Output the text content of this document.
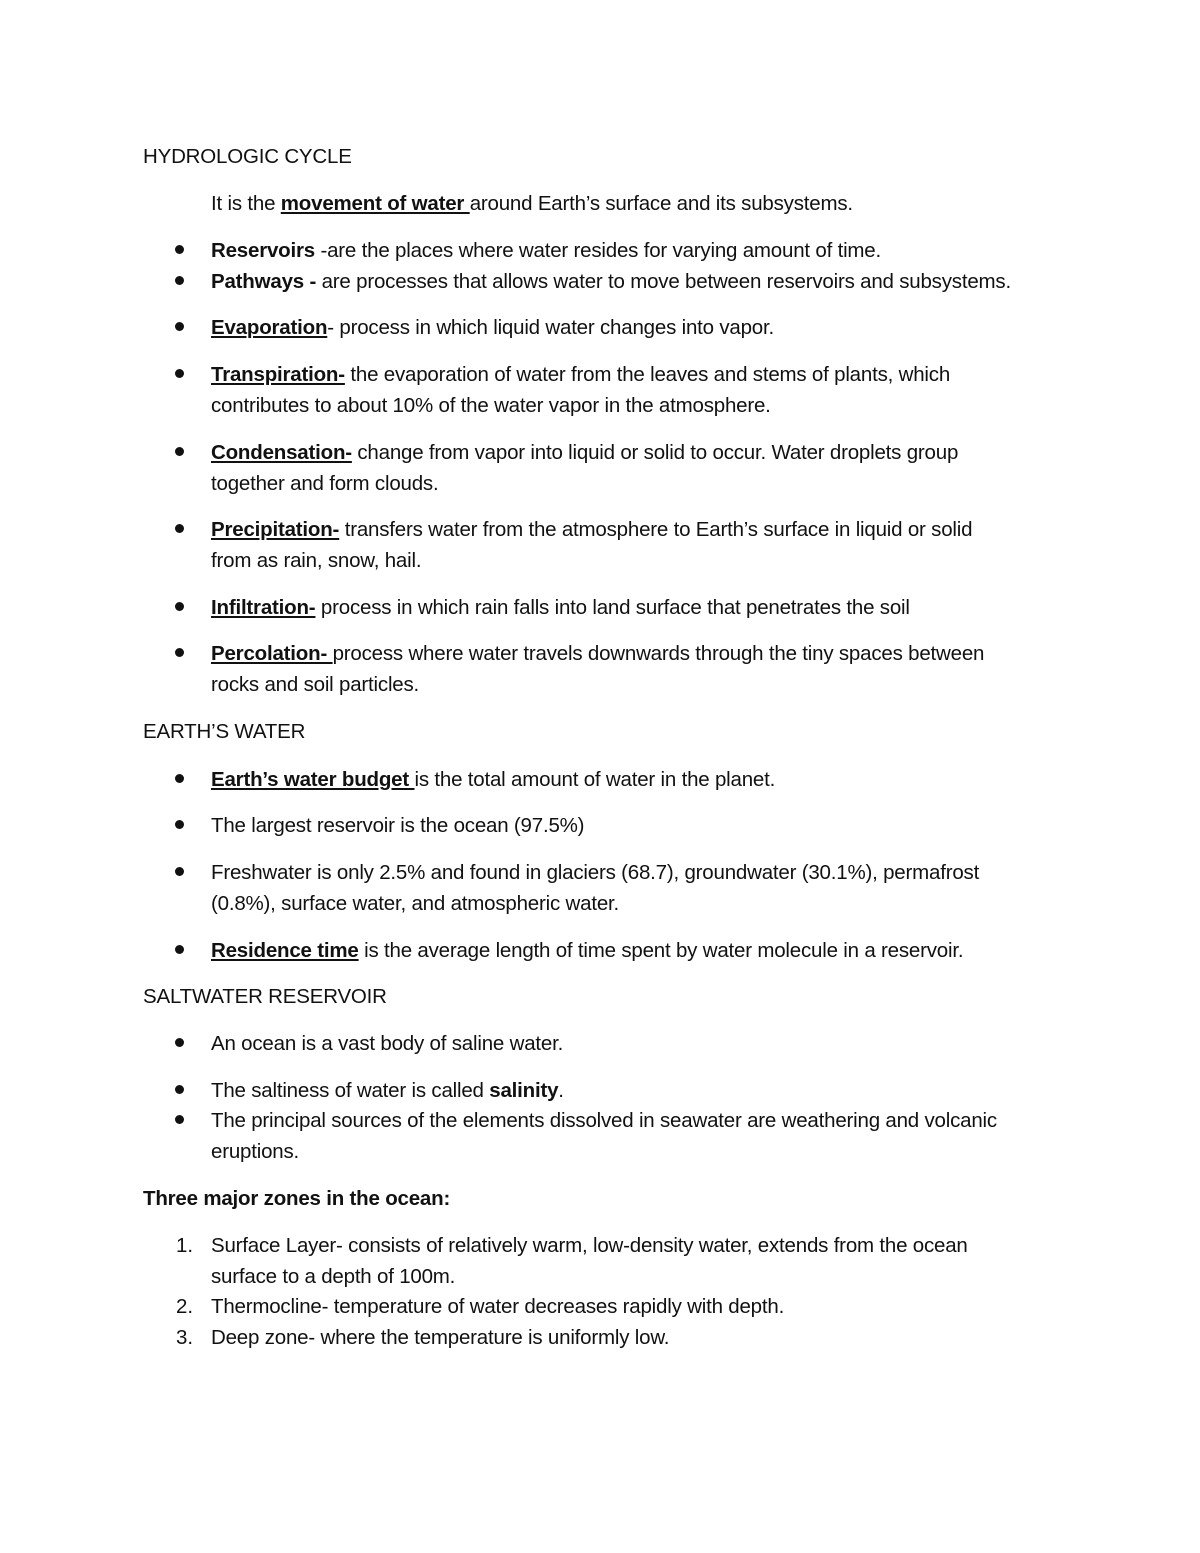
HYDROLOGIC CYCLE
It is the movement of water around Earth’s surface and its subsystems.
Reservoirs -are the places where water resides for varying amount of time.
Pathways - are processes that allows water to move between reservoirs and subsystems.
Evaporation- process in which liquid water changes into vapor.
Transpiration- the evaporation of water from the leaves and stems of plants, which
contributes to about 10% of the water vapor in the atmosphere.
Condensation- change from vapor into liquid or solid to occur. Water droplets group
together and form clouds.
Precipitation- transfers water from the atmosphere to Earth’s surface in liquid or solid
from as rain, snow, hail.
Infiltration- process in which rain falls into land surface that penetrates the soil
Percolation- process where water travels downwards through the tiny spaces between
rocks and soil particles.
EARTH’S WATER
Earth’s water budget is the total amount of water in the planet.
The largest reservoir is the ocean (97.5%)
Freshwater is only 2.5% and found in glaciers (68.7), groundwater (30.1%), permafrost
(0.8%), surface water, and atmospheric water.
Residence time is the average length of time spent by water molecule in a reservoir.
SALTWATER RESERVOIR
An ocean is a vast body of saline water.
The saltiness of water is called salinity.
The principal sources of the elements dissolved in seawater are weathering and volcanic
eruptions.
Three major zones in the ocean:
1. Surface Layer- consists of relatively warm, low-density water, extends from the ocean
surface to a depth of 100m.
2. Thermocline- temperature of water decreases rapidly with depth.
3. Deep zone- where the temperature is uniformly low.
